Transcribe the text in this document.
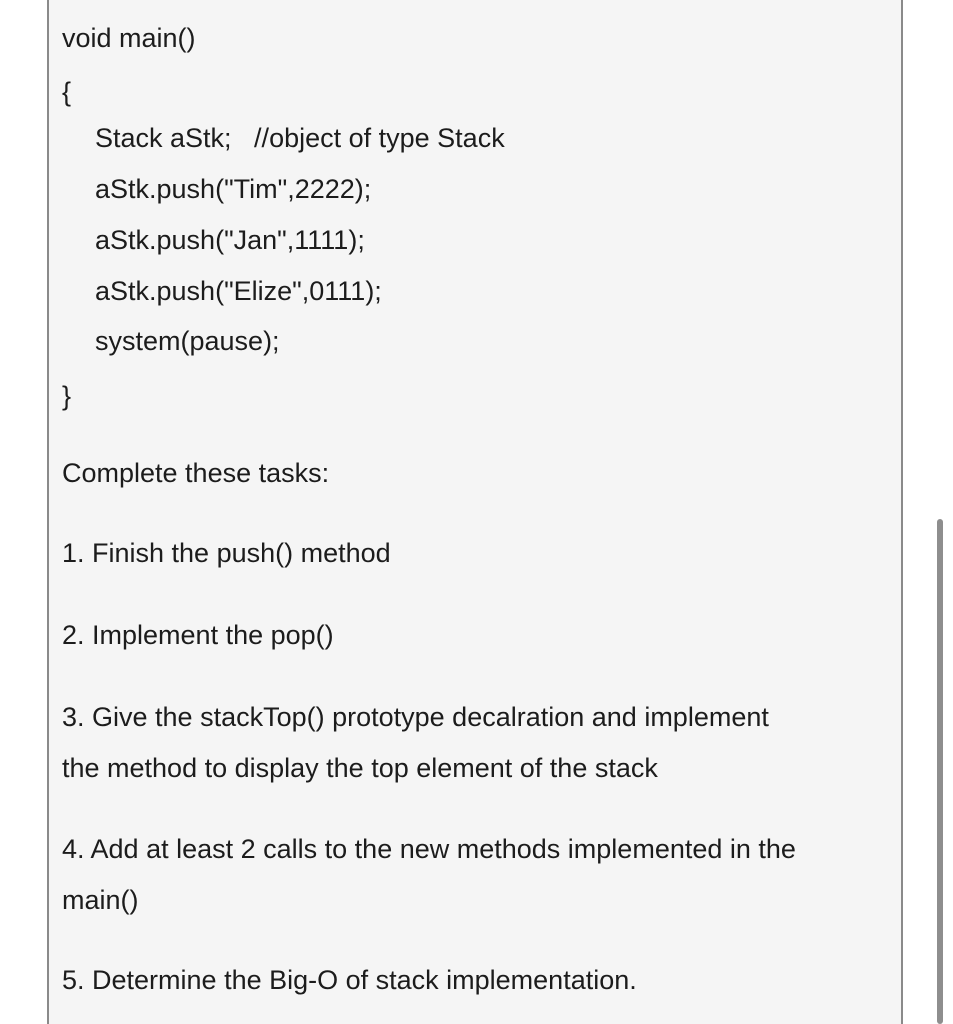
void main()
{
Stack aStk;   //object of type Stack
aStk.push("Tim",2222);
aStk.push("Jan",1111);
aStk.push("Elize",0111);
system(pause);
}
Complete these tasks:
1. Finish the push() method
2. Implement the pop()
3. Give the stackTop() prototype decalration and implement
the method to display the top element of the stack
4. Add at least 2 calls to the new methods implemented in the
main()
5. Determine the Big-O of stack implementation.
